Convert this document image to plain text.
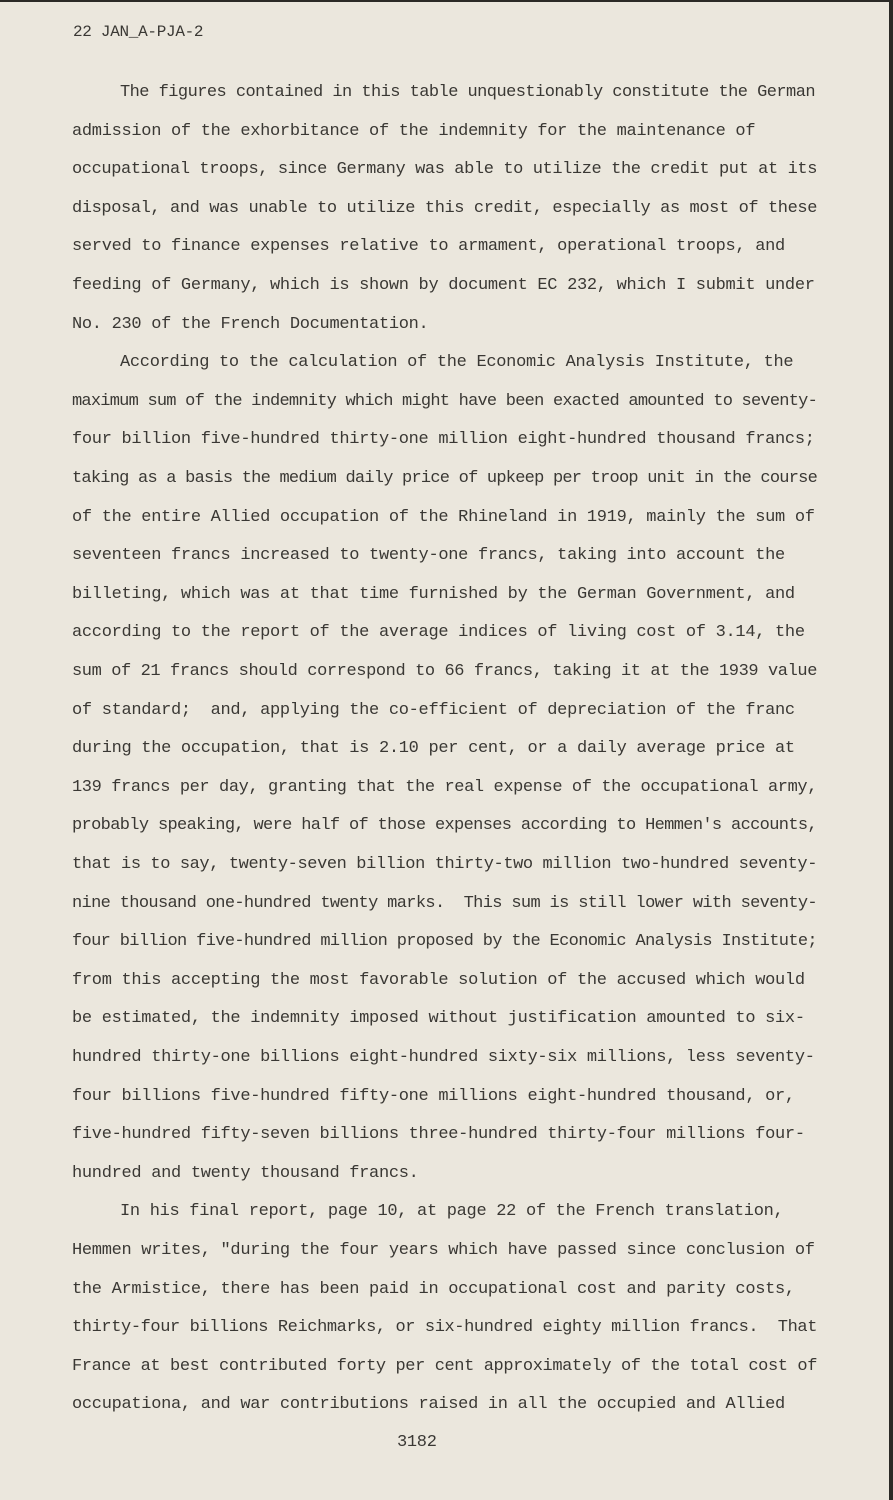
22 JAN_A-PJA-2
The figures contained in this table unquestionably constitute the German
admission of the exhorbitance of the indemnity for the maintenance of
occupational troops, since Germany was able to utilize the credit put at its
disposal, and was unable to utilize this credit, especially as most of these
served to finance expenses relative to armament, operational troops, and
feeding of Germany, which is shown by document EC 232, which I submit under
No. 230 of the French Documentation.
According to the calculation of the Economic Analysis Institute, the
maximum sum of the indemnity which might have been exacted amounted to seventy-
four billion five-hundred thirty-one million eight-hundred thousand francs;
taking as a basis the medium daily price of upkeep per troop unit in the course
of the entire Allied occupation of the Rhineland in 1919, mainly the sum of
seventeen francs increased to twenty-one francs, taking into account the
billeting, which was at that time furnished by the German Government, and
according to the report of the average indices of living cost of 3.14, the
sum of 21 francs should correspond to 66 francs, taking it at the 1939 value
of standard;  and, applying the co-efficient of depreciation of the franc
during the occupation, that is 2.10 per cent, or a daily average price at
139 francs per day, granting that the real expense of the occupational army,
probably speaking, were half of those expenses according to Hemmen's accounts,
that is to say, twenty-seven billion thirty-two million two-hundred seventy-
nine thousand one-hundred twenty marks.  This sum is still lower with seventy-
four billion five-hundred million proposed by the Economic Analysis Institute;
from this accepting the most favorable solution of the accused which would
be estimated, the indemnity imposed without justification amounted to six-
hundred thirty-one billions eight-hundred sixty-six millions, less seventy-
four billions five-hundred fifty-one millions eight-hundred thousand, or,
five-hundred fifty-seven billions three-hundred thirty-four millions four-
hundred and twenty thousand francs.
In his final report, page 10, at page 22 of the French translation,
Hemmen writes, "during the four years which have passed since conclusion of
the Armistice, there has been paid in occupational cost and parity costs,
thirty-four billions Reichmarks, or six-hundred eighty million francs.  That
France at best contributed forty per cent approximately of the total cost of
occupationa, and war contributions raised in all the occupied and Allied
3182
